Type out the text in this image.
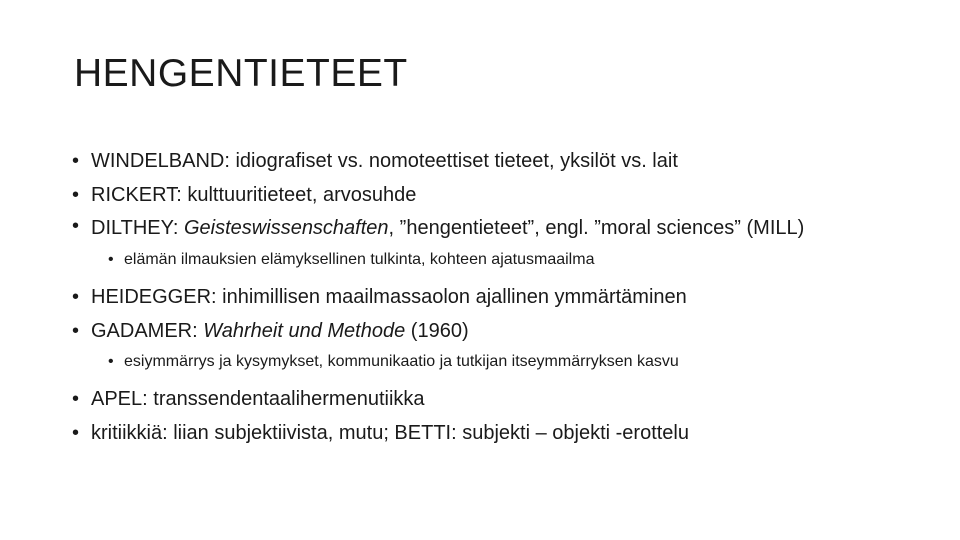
HENGENTIETEET
• WINDELBAND: idiografiset vs. nomoteettiset tieteet, yksilöt vs. lait
• RICKERT: kulttuuritieteet, arvosuhde
• DILTHEY: Geisteswissenschaften, ”hengentieteet”, engl. ”moral sciences” (MILL)
• elämän ilmauksien elämyksellinen tulkinta, kohteen ajatusmaailma
• HEIDEGGER: inhimillisen maailmassaolon ajallinen ymmärtäminen
• GADAMER: Wahrheit und Methode (1960)
• esiymmärrys ja kysymykset, kommunikaatio ja tutkijan itseymmärryksen kasvu
• APEL: transsendentaalihermenutiikka
• kritiikkiä: liian subjektiivista, mutu; BETTI: subjekti – objekti -erottelu
